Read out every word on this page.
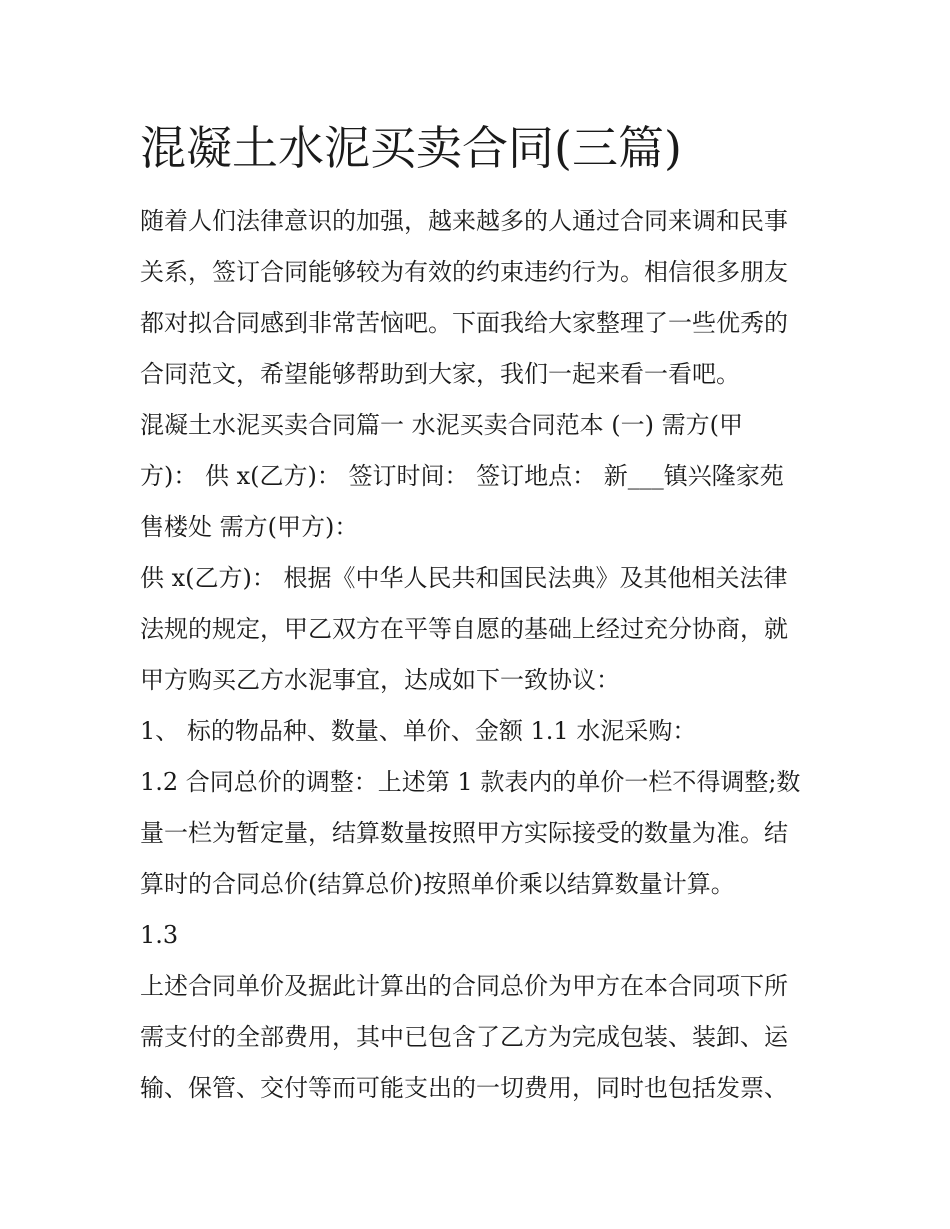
混凝土水泥买卖合同(三篇)
随着人们法律意识的加强，越来越多的人通过合同来调和民事
关系，签订合同能够较为有效的约束违约行为。相信很多朋友
都对拟合同感到非常苦恼吧。下面我给大家整理了一些优秀的
合同范文，希望能够帮助到大家，我们一起来看一看吧。
混凝土水泥买卖合同篇一 水泥买卖合同范本 (一) 需方(甲
方)： 供 x(乙方)： 签订时间： 签订地点： 新___镇兴隆家苑
售楼处 需方(甲方)：
供 x(乙方)： 根据《中华人民共和国民法典》及其他相关法律
法规的规定，甲乙双方在平等自愿的基础上经过充分协商，就
甲方购买乙方水泥事宜，达成如下一致协议：
1、 标的物品种、数量、单价、金额 1.1 水泥采购：
1.2 合同总价的调整：上述第 1 款表内的单价一栏不得调整;数
量一栏为暂定量，结算数量按照甲方实际接受的数量为准。结
算时的合同总价(结算总价)按照单价乘以结算数量计算。
1.3
上述合同单价及据此计算出的合同总价为甲方在本合同项下所
需支付的全部费用，其中已包含了乙方为完成包装、装卸、运
输、保管、交付等而可能支出的一切费用，同时也包括发票、
